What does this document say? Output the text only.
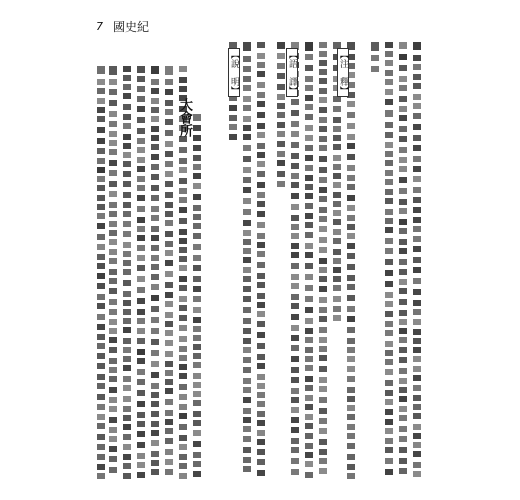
7 國史紀
大會所
【注　釋】
【語　譯】
【說　明】
